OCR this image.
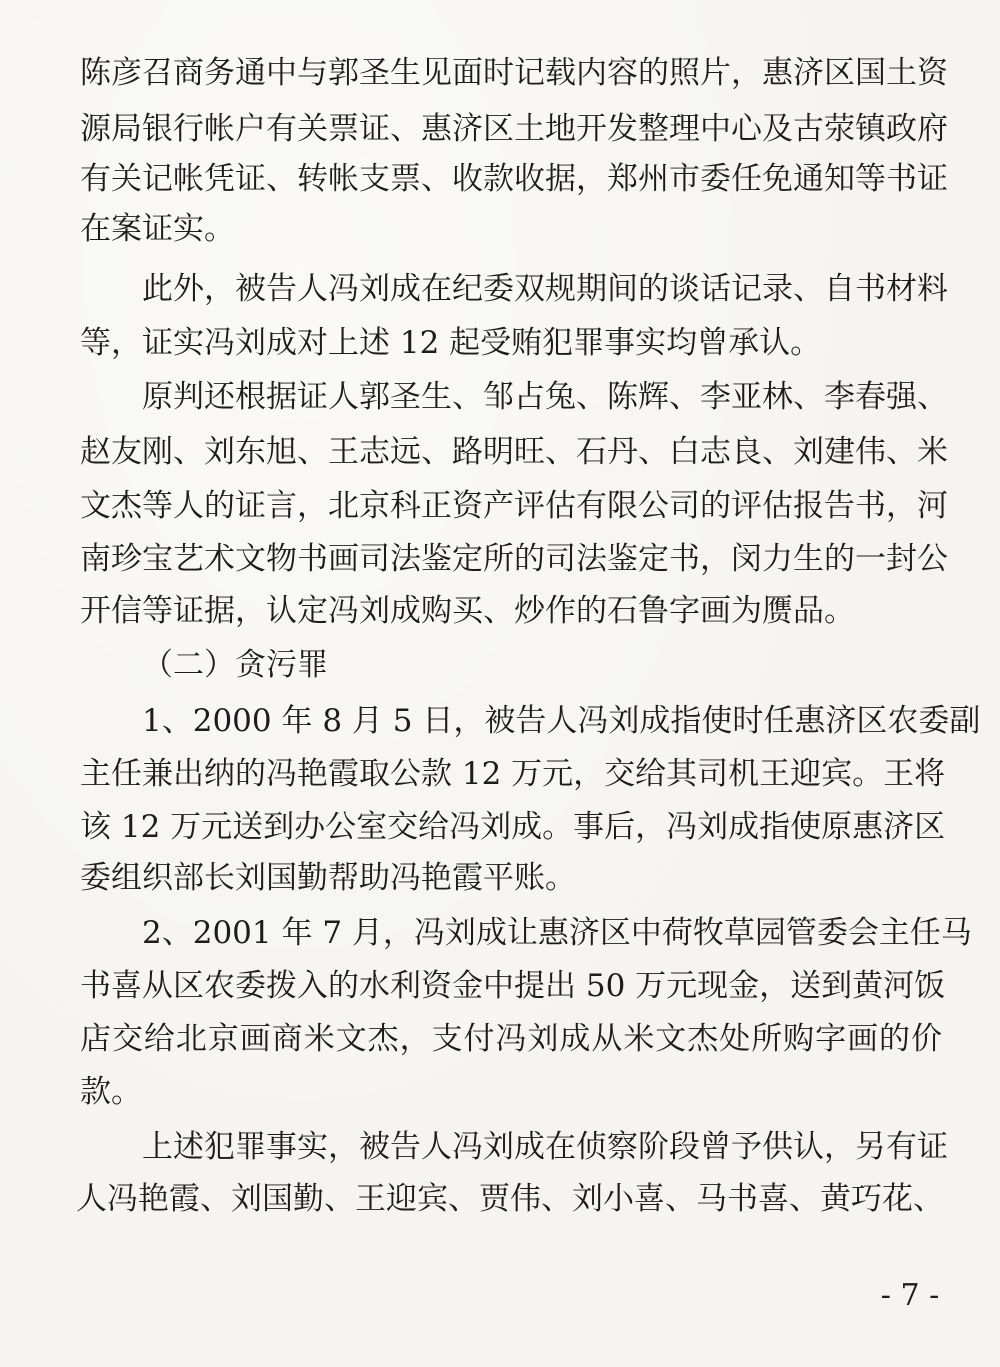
陈彦召商务通中与郭圣生见面时记载内容的照片，惠济区国土资
源局银行帐户有关票证、惠济区土地开发整理中心及古荥镇政府
有关记帐凭证、转帐支票、收款收据，郑州市委任免通知等书证
在案证实。
此外，被告人冯刘成在纪委双规期间的谈话记录、自书材料
等，证实冯刘成对上述 12 起受贿犯罪事实均曾承认。
原判还根据证人郭圣生、邹占兔、陈辉、李亚林、李春强、
赵友刚、刘东旭、王志远、路明旺、石丹、白志良、刘建伟、米
文杰等人的证言，北京科正资产评估有限公司的评估报告书，河
南珍宝艺术文物书画司法鉴定所的司法鉴定书，闵力生的一封公
开信等证据，认定冯刘成购买、炒作的石鲁字画为赝品。
（二）贪污罪
1、2000 年 8 月 5 日，被告人冯刘成指使时任惠济区农委副
主任兼出纳的冯艳霞取公款 12 万元，交给其司机王迎宾。王将
该 12 万元送到办公室交给冯刘成。事后，冯刘成指使原惠济区
委组织部长刘国勤帮助冯艳霞平账。
2、2001 年 7 月，冯刘成让惠济区中荷牧草园管委会主任马
书喜从区农委拨入的水利资金中提出 50 万元现金，送到黄河饭
店交给北京画商米文杰，支付冯刘成从米文杰处所购字画的价
款。
上述犯罪事实，被告人冯刘成在侦察阶段曾予供认，另有证
人冯艳霞、刘国勤、王迎宾、贾伟、刘小喜、马书喜、黄巧花、
- 7 -
